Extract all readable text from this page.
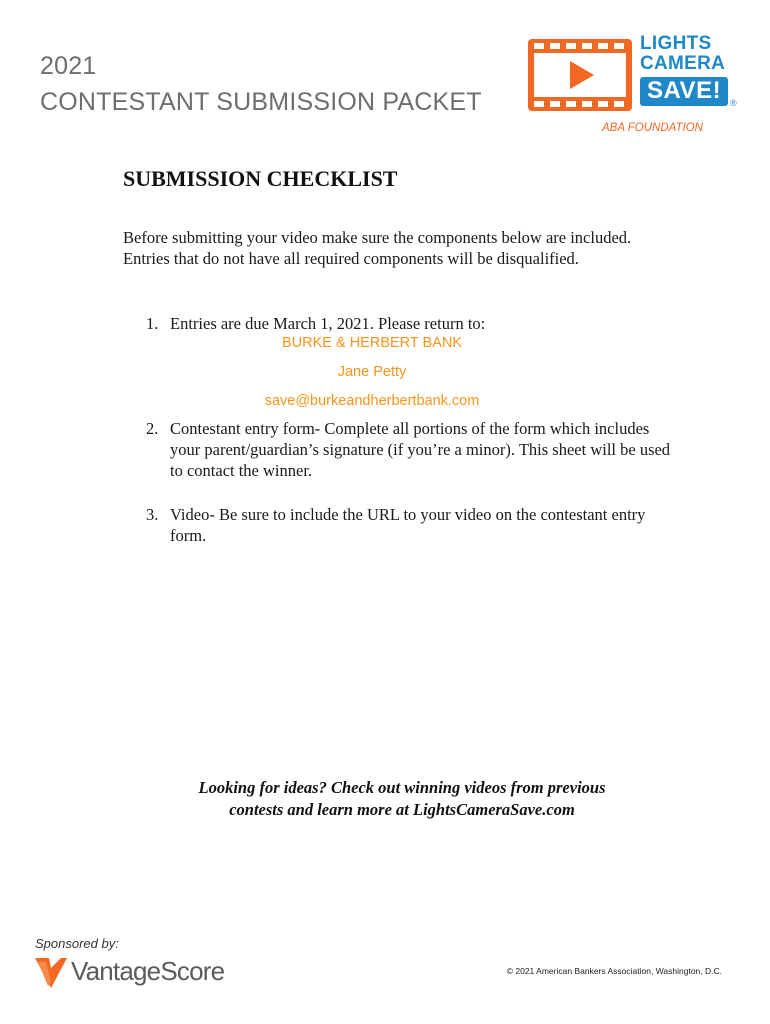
2021
CONTESTANT SUBMISSION PACKET
LIGHTS
CAMERA
SAVE! ®
ABA FOUNDATION
SUBMISSION CHECKLIST
Before submitting your video make sure the components below are included. Entries that do not have all required components will be disqualified.
1. Entries are due March 1, 2021. Please return to:
BURKE & HERBERT BANK
Jane Petty
save@burkeandherbertbank.com
2. Contestant entry form- Complete all portions of the form which includes your parent/guardian’s signature (if you’re a minor). This sheet will be used to contact the winner.
3. Video- Be sure to include the URL to your video on the contestant entry form.
Looking for ideas? Check out winning videos from previous
contests and learn more at LightsCameraSave.com
Sponsored by:
VantageScore	© 2021 American Bankers Association, Washington, D.C.
